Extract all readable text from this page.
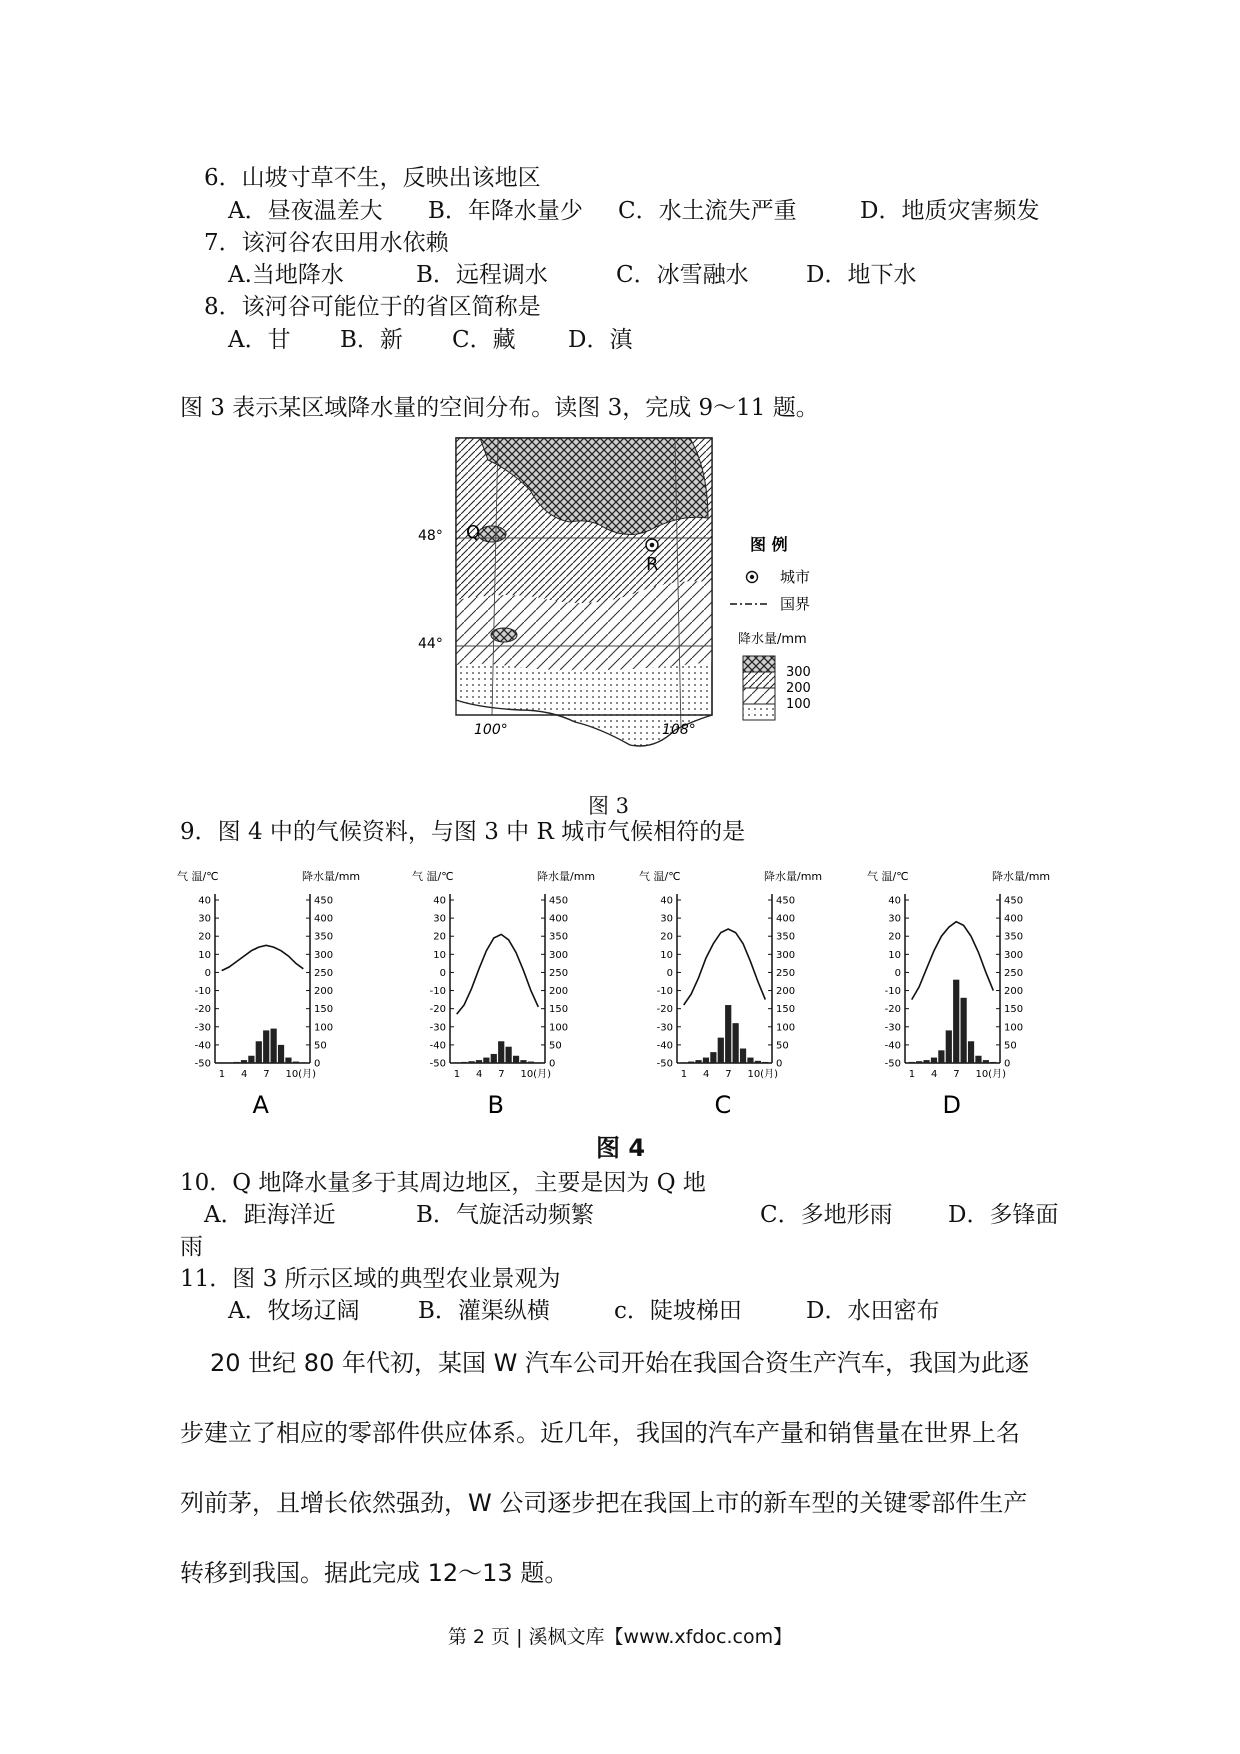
6．山坡寸草不生，反映出该地区
A．昼夜温差大 B．年降水量少 C．水土流失严重	D．地质灾害频发
7．该河谷农田用水依赖
A.当地降水	B．远程调水	C．冰雪融水 D．地下水
8．该河谷可能位于的省区简称是
A．甘 B．新 C．藏 D．滇
图 3 表示某区域降水量的空间分布。读图 3，完成 9～11 题。
48°
44°
100°	108°
Q
R
图 例
城市
国界
降水量/mm
300
200
100
图 3
9．图 4 中的气候资料，与图 3 中 R 城市气候相符的是
气 温/℃	降水量/mm
40
30
20
10
0
-10
-20
-30
-40
-50
450
400
350
300
250
200
150
100
50
0
1 4 7 10(月)
A
气 温/℃	降水量/mm
40
30
20
10
0
-10
-20
-30
-40
-50
450
400
350
300
250
200
150
100
50
0
1 4 7 10(月)
B
气 温/℃	降水量/mm
40
30
20
10
0
-10
-20
-30
-40
-50
450
400
350
300
250
200
150
100
50
0
1 4 7 10(月)
C
气 温/℃	降水量/mm
40
30
20
10
0
-10
-20
-30
-40
-50
450
400
350
300
250
200
150
100
50
0
1 4 7 10(月)
D
图 4
10．Q 地降水量多于其周边地区，主要是因为 Q 地
A．距海洋近	B．气旋活动频繁	C．多地形雨 D．多锋面
雨
11．图 3 所示区域的典型农业景观为
A．牧场辽阔	B．灌渠纵横	c．陡坡梯田	D．水田密布
20 世纪 80 年代初，某国 W 汽车公司开始在我国合资生产汽车，我国为此逐
步建立了相应的零部件供应体系。近几年，我国的汽车产量和销售量在世界上名
列前茅，且增长依然强劲，W 公司逐步把在我国上市的新车型的关键零部件生产
转移到我国。据此完成 12～13 题。
第 2 页 | 溪枫文库【www.xfdoc.com】
